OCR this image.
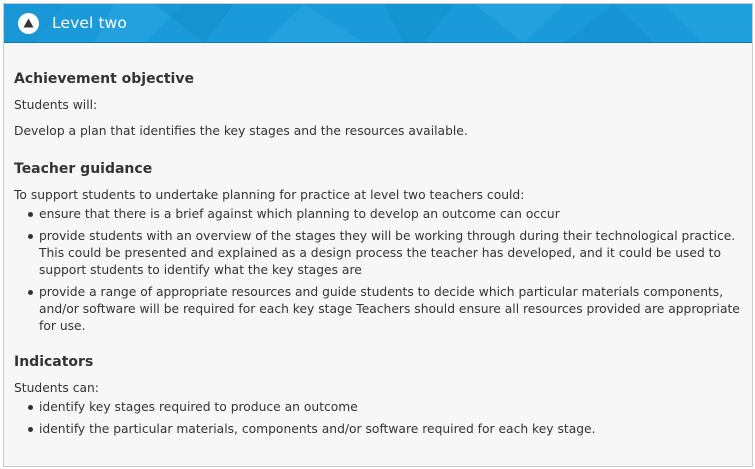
Level two
Achievement objective

Students will:

Develop a plan that identifies the key stages and the resources available.

Teacher guidance

To support students to undertake planning for practice at level two teachers could:

ensure that there is a brief against which planning to develop an outcome can occur
provide students with an overview of the stages they will be working through during their technological practice. This could be presented and explained as a design process the teacher has developed, and it could be used to support students to identify what the key stages are
provide a range of appropriate resources and guide students to decide which particular materials components, and/or software will be required for each key stage Teachers should ensure all resources provided are appropriate for use.
Indicators

Students can:

identify key stages required to produce an outcome
identify the particular materials, components and/or software required for each key stage.
